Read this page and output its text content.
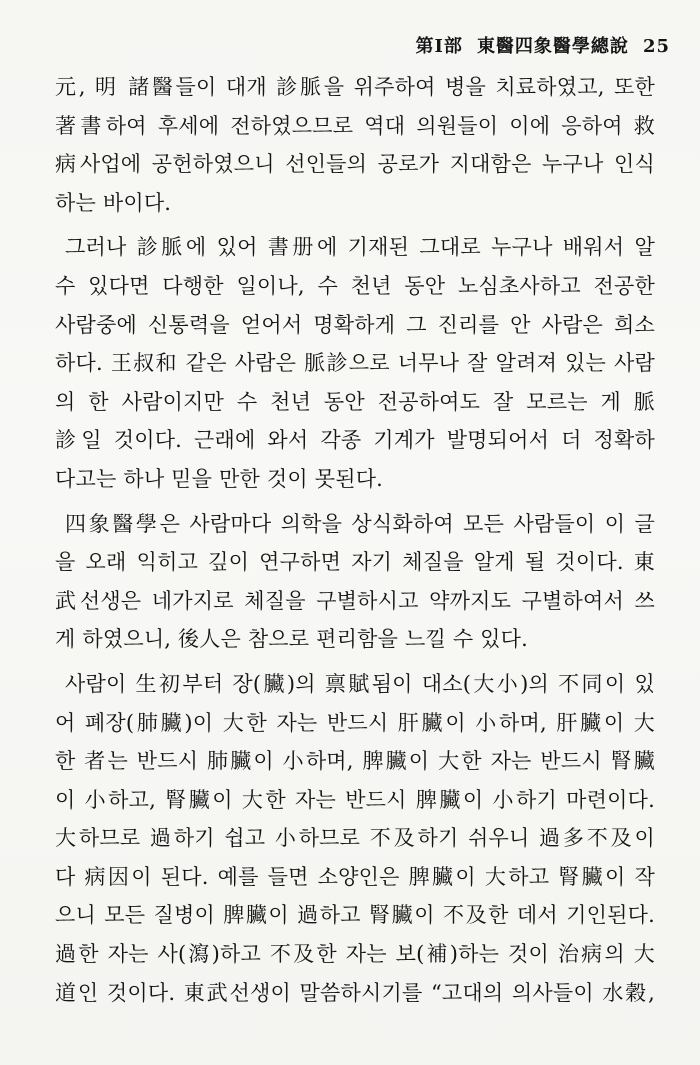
第Ⅰ部 東醫四象醫學總說 25
元, 明 諸醫들이 대개 診脈을 위주하여 병을 치료하였고, 또한
著書하여 후세에 전하였으므로 역대 의원들이 이에 응하여 救
病사업에 공헌하였으니 선인들의 공로가 지대함은 누구나 인식
하는 바이다.
그러나 診脈에 있어 書册에 기재된 그대로 누구나 배워서 알
수 있다면 다행한 일이나, 수 천년 동안 노심초사하고 전공한
사람중에 신통력을 얻어서 명확하게 그 진리를 안 사람은 희소
하다. 王叔和 같은 사람은 脈診으로 너무나 잘 알려져 있는 사람
의 한 사람이지만 수 천년 동안 전공하여도 잘 모르는 게 脈
診일 것이다. 근래에 와서 각종 기계가 발명되어서 더 정확하
다고는 하나 믿을 만한 것이 못된다.
四象醫學은 사람마다 의학을 상식화하여 모든 사람들이 이 글
을 오래 익히고 깊이 연구하면 자기 체질을 알게 될 것이다. 東
武선생은 네가지로 체질을 구별하시고 약까지도 구별하여서 쓰
게 하였으니, 後人은 참으로 편리함을 느낄 수 있다.
사람이 生初부터 장(臟)의 禀賦됨이 대소(大小)의 不同이 있
어 폐장(肺臟)이 大한 자는 반드시 肝臟이 小하며, 肝臟이 大
한 者는 반드시 肺臟이 小하며, 脾臟이 大한 자는 반드시 腎臟
이 小하고, 腎臟이 大한 자는 반드시 脾臟이 小하기 마련이다.
大하므로 過하기 쉽고 小하므로 不及하기 쉬우니 過多不及이
다 病因이 된다. 예를 들면 소양인은 脾臟이 大하고 腎臟이 작
으니 모든 질병이 脾臟이 過하고 腎臟이 不及한 데서 기인된다.
過한 자는 사(瀉)하고 不及한 자는 보(補)하는 것이 治病의 大
道인 것이다. 東武선생이 말씀하시기를 “고대의 의사들이 水穀,
